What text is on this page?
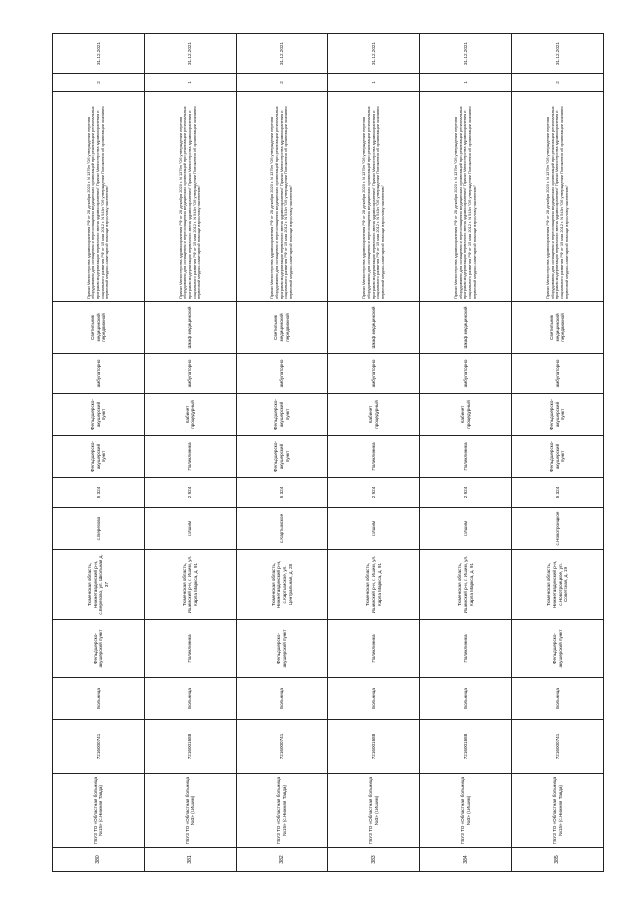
380	ГБУЗ ТО «Областная больница №15» (с.Нижняя Тавда)	7216000741	Больница	Фельдшерско-акушерский пункт	Тюменская область, Нижнетавдинский р-н, с.Березово, ул. Школьная д. 37	с.Березово	5 324	Фельдшерско-акушерский пункт	Фельдшерско-акушерский пункт	амбулаторно	Светильник медицинский передвижной	Приказ Министерства здравоохранения РФ от 28 декабря 2020 г. N 1379н "Об утверждении перечня оборудования для оснащения и переоснащения медицинских организаций при реализации региональных программ модернизации первичного звена здравоохранения" Приказ Министерства здравоохранения и социального развития РФ от 15 мая 2012 г. N 543н "Об утверждении Положения об организации оказания первичной медико-санитарной помощи взрослому населению"	2	31.12.2021
381	ГБУЗ ТО «Областная больница №3» (г.Ишим)	7216001688	Больница	Поликлиника	Тюменская область, Ишимский р-н, г. Ишим, ул. Карла Маркса, д. 91	г.Ишим	2 924	Поликлиника	Кабинет процедурный	амбулаторно	Шкаф медицинский	Приказ Министерства здравоохранения РФ от 28 декабря 2020 г. N 1379н "Об утверждении перечня оборудования для оснащения и переоснащения медицинских организаций при реализации региональных программ модернизации первичного звена здравоохранения" Приказ Министерства здравоохранения и социального развития РФ от 15 мая 2012 г. N 543н "Об утверждении Положения об организации оказания первичной медико-санитарной помощи взрослому населению"	1	31.12.2021
382	ГБУЗ ТО «Областная больница №15» (с.Нижняя Тавда)	7216000741	Больница	Фельдшерско-акушерский пункт	Тюменская область, Нижнетавдинский р-н, с.Картымское, ул. Центральная, д. 28	с.Картымское	5 324	Фельдшерско-акушерский пункт	Фельдшерско-акушерский пункт	амбулаторно	Светильник медицинский передвижной	Приказ Министерства здравоохранения РФ от 28 декабря 2020 г. N 1379н "Об утверждении перечня оборудования для оснащения и переоснащения медицинских организаций при реализации региональных программ модернизации первичного звена здравоохранения" Приказ Министерства здравоохранения и социального развития РФ от 15 мая 2012 г. N 543н "Об утверждении Положения об организации оказания первичной медико-санитарной помощи взрослому населению"	2	31.12.2021
383	ГБУЗ ТО «Областная больница №3» (г.Ишим)	7216001688	Больница	Поликлиника	Тюменская область, Ишимский р-н, г. Ишим, ул. Карла Маркса, д. 91	г.Ишим	2 924	Поликлиника	Кабинет процедурный	амбулаторно	Шкаф медицинский	Приказ Министерства здравоохранения РФ от 28 декабря 2020 г. N 1379н "Об утверждении перечня оборудования для оснащения и переоснащения медицинских организаций при реализации региональных программ модернизации первичного звена здравоохранения" Приказ Министерства здравоохранения и социального развития РФ от 15 мая 2012 г. N 543н "Об утверждении Положения об организации оказания первичной медико-санитарной помощи взрослому населению"	1	31.12.2021
384	ГБУЗ ТО «Областная больница №3» (г.Ишим)	7216001688	Больница	Поликлиника	Тюменская область, Ишимский р-н, г. Ишим, ул. Карла Маркса, д. 91	г.Ишим	2 924	Поликлиника	Кабинет процедурный	амбулаторно	Шкаф медицинский	Приказ Министерства здравоохранения РФ от 28 декабря 2020 г. N 1379н "Об утверждении перечня оборудования для оснащения и переоснащения медицинских организаций при реализации региональных программ модернизации первичного звена здравоохранения" Приказ Министерства здравоохранения и социального развития РФ от 15 мая 2012 г. N 543н "Об утверждении Положения об организации оказания первичной медико-санитарной помощи взрослому населению"	1	31.12.2021
385	ГБУЗ ТО «Областная больница №15» (с.Нижняя Тавда)	7216000741	Больница	Фельдшерско-акушерский пункт	Тюменская область, Нижнетавдинский р-н, с.Новотроицкое, ул. Советская, д. 19	с.Новотроицкое	5 324	Фельдшерско-акушерский пункт	Фельдшерско-акушерский пункт	амбулаторно	Светильник медицинский передвижной	Приказ Министерства здравоохранения РФ от 28 декабря 2020 г. N 1379н "Об утверждении перечня оборудования для оснащения и переоснащения медицинских организаций при реализации региональных программ модернизации первичного звена здравоохранения" Приказ Министерства здравоохранения и социального развития РФ от 15 мая 2012 г. N 543н "Об утверждении Положения об организации оказания первичной медико-санитарной помощи взрослому населению"	2	31.12.2021
